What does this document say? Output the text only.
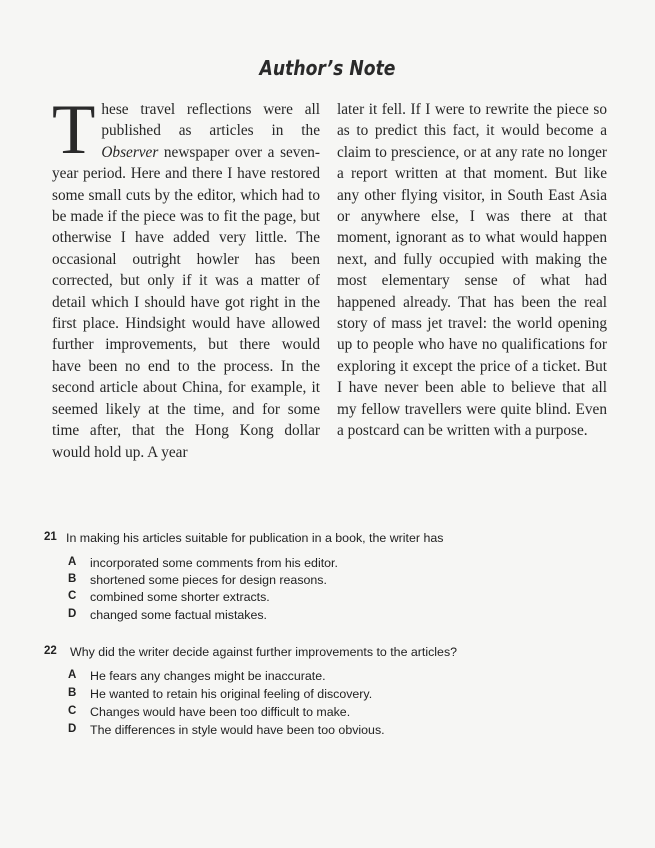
Author’s Note
These travel reflections were all published as articles in the Observer newspaper over a seven-year period. Here and there I have restored some small cuts by the editor, which had to be made if the piece was to fit the page, but otherwise I have added very little. The occasional outright howler has been corrected, but only if it was a matter of detail which I should have got right in the first place. Hindsight would have allowed further improvements, but there would have been no end to the process. In the second article about China, for example, it seemed likely at the time, and for some time after, that the Hong Kong dollar would hold up. A year
later it fell. If I were to rewrite the piece so as to predict this fact, it would become a claim to prescience, or at any rate no longer a report written at that moment. But like any other flying visitor, in South East Asia or anywhere else, I was there at that moment, ignorant as to what would happen next, and fully occupied with making the most elementary sense of what had happened already. That has been the real story of mass jet travel: the world opening up to people who have no qualifications for exploring it except the price of a ticket. But I have never been able to believe that all my fellow travellers were quite blind. Even a postcard can be written with a purpose.
21 In making his articles suitable for publication in a book, the writer has
A incorporated some comments from his editor.
B shortened some pieces for design reasons.
C combined some shorter extracts.
D changed some factual mistakes.
22 Why did the writer decide against further improvements to the articles?
A He fears any changes might be inaccurate.
B He wanted to retain his original feeling of discovery.
C Changes would have been too difficult to make.
D The differences in style would have been too obvious.
